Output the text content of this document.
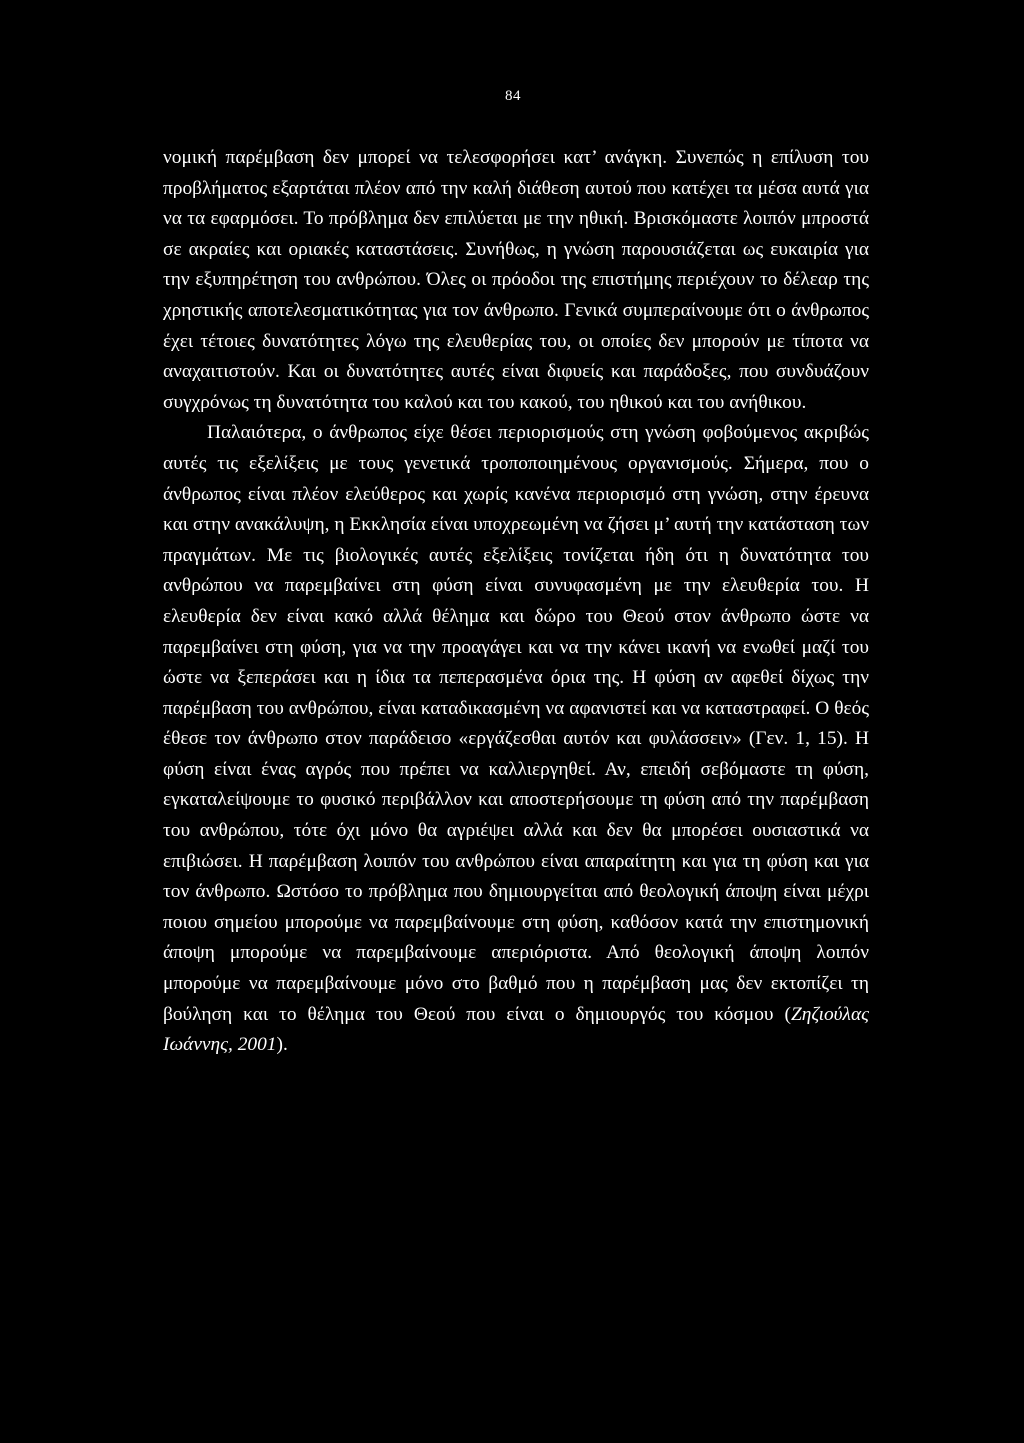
84

νομική παρέμβαση δεν μπορεί να τελεσφορήσει κατ’ ανάγκη. Συνεπώς η επίλυση του προβλήματος εξαρτάται πλέον από την καλή διάθεση αυτού που κατέχει τα μέσα αυτά για να τα εφαρμόσει. Το πρόβλημα δεν επιλύεται με την ηθική. Βρισκόμαστε λοιπόν μπροστά σε ακραίες και οριακές καταστάσεις. Συνήθως, η γνώση παρουσιάζεται ως ευκαιρία για την εξυπηρέτηση του ανθρώπου. Όλες οι πρόοδοι της επιστήμης περιέχουν το δέλεαρ της χρηστικής αποτελεσματικότητας για τον άνθρωπο. Γενικά συμπεραίνουμε ότι ο άνθρωπος έχει τέτοιες δυνατότητες λόγω της ελευθερίας του, οι οποίες δεν μπορούν με τίποτα να αναχαιτιστούν. Και οι δυνατότητες αυτές είναι διφυείς και παράδοξες, που συνδυάζουν συγχρόνως τη δυνατότητα του καλού και του κακού, του ηθικού και του ανήθικου.

Παλαιότερα, ο άνθρωπος είχε θέσει περιορισμούς στη γνώση φοβούμενος ακριβώς αυτές τις εξελίξεις με τους γενετικά τροποποιημένους οργανισμούς. Σήμερα, που ο άνθρωπος είναι πλέον ελεύθερος και χωρίς κανένα περιορισμό στη γνώση, στην έρευνα και στην ανακάλυψη, η Εκκλησία είναι υποχρεωμένη να ζήσει μ’ αυτή την κατάσταση των πραγμάτων. Με τις βιολογικές αυτές εξελίξεις τονίζεται ήδη ότι η δυνατότητα του ανθρώπου να παρεμβαίνει στη φύση είναι συνυφασμένη με την ελευθερία του. Η ελευθερία δεν είναι κακό αλλά θέλημα και δώρο του Θεού στον άνθρωπο ώστε να παρεμβαίνει στη φύση, για να την προαγάγει και να την κάνει ικανή να ενωθεί μαζί του ώστε να ξεπεράσει και η ίδια τα πεπερασμένα όρια της. Η φύση αν αφεθεί δίχως την παρέμβαση του ανθρώπου, είναι καταδικασμένη να αφανιστεί και να καταστραφεί. Ο θεός έθεσε τον άνθρωπο στον παράδεισο «εργάζεσθαι αυτόν και φυλάσσειν» (Γεν. 1, 15). Η φύση είναι ένας αγρός που πρέπει να καλλιεργηθεί. Αν, επειδή σεβόμαστε τη φύση, εγκαταλείψουμε το φυσικό περιβάλλον και αποστερήσουμε τη φύση από την παρέμβαση του ανθρώπου, τότε όχι μόνο θα αγριέψει αλλά και δεν θα μπορέσει ουσιαστικά να επιβιώσει. Η παρέμβαση λοιπόν του ανθρώπου είναι απαραίτητη και για τη φύση και για τον άνθρωπο. Ωστόσο το πρόβλημα που δημιουργείται από θεολογική άποψη είναι μέχρι ποιου σημείου μπορούμε να παρεμβαίνουμε στη φύση, καθόσον κατά την επιστημονική άποψη μπορούμε να παρεμβαίνουμε απεριόριστα. Από θεολογική άποψη λοιπόν μπορούμε να παρεμβαίνουμε μόνο στο βαθμό που η παρέμβαση μας δεν εκτοπίζει τη βούληση και το θέλημα του Θεού που είναι ο δημιουργός του κόσμου (Ζηζιούλας Ιωάννης, 2001).
